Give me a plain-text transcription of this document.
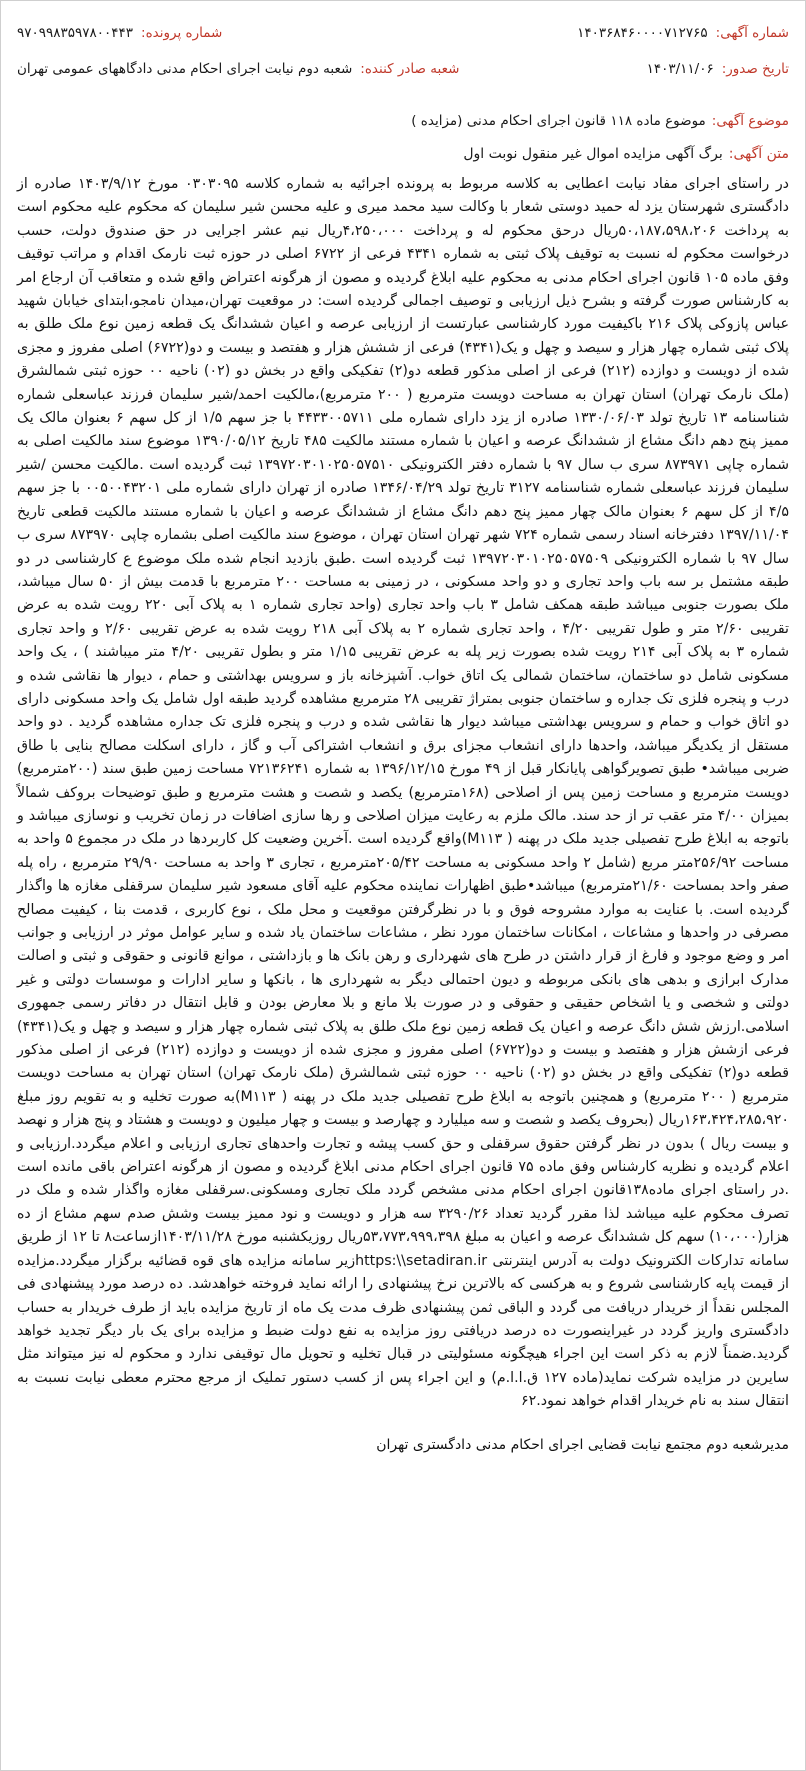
شماره آگهی:
۱۴۰۳۶۸۴۶۰۰۰۰۷۱۲۷۶۵
شماره پرونده:
۹۷۰۹۹۸۳۵۹۷۸۰۰۴۴۳
تاریخ صدور:
۱۴۰۳/۱۱/۰۶
شعبه صادر کننده:
شعبه دوم نیابت اجرای احکام مدنی دادگاههای عمومی تهران
موضوع آگهی:
موضوع ماده ۱۱۸ قانون اجرای احکام مدنی (مزایده )
متن آگهی:
برگ آگهی مزایده اموال غیر منقول نوبت اول
در راستای اجرای مفاد نیابت اعطایی به کلاسه مربوط به پرونده اجرائیه به شماره کلاسه ۰۳۰۳۰۹۵ مورخ ۱۴۰۳/۹/۱۲ صادره از دادگستری شهرستان یزد له حمید دوستی شعار با وکالت سید محمد میری و علیه محسن شیر سلیمان که محکوم علیه محکوم است به پرداخت ۵۰،۱۸۷،۵۹۸،۲۰۶ریال درحق محکوم له و پرداخت ۴،۲۵۰،۰۰۰ریال نیم عشر اجرایی در حق صندوق دولت، حسب درخواست محکوم له نسبت به توقیف پلاک ثبتی به شماره ۴۳۴۱ فرعی از ۶۷۲۲ اصلی در حوزه ثبت نارمک اقدام و مراتب توقیف وفق ماده ۱۰۵ قانون اجرای احکام مدنی به محکوم علیه ابلاغ گردیده و مصون از هرگونه اعتراض واقع شده و متعاقب آن ارجاع امر به کارشناس صورت گرفته و بشرح ذیل ارزیابی و توصیف اجمالی گردیده است: در موقعیت تهران،میدان نامجو،ابتدای خیابان شهید عباس پازوکی پلاک ۲۱۶ باکیفیت مورد کارشناسی عبارتست از ارزیابی عرصه و اعیان ششدانگ یک قطعه زمین نوع ملک طلق به پلاک ثبتی شماره چهار هزار و سیصد و چهل و یک(۴۳۴۱) فرعی از ششش هزار و هفتصد و بیست و دو(۶۷۲۲) اصلی مفروز و مجزی شده از دویست و دوازده (۲۱۲) فرعی از اصلی مذکور قطعه دو(۲) تفکیکی واقع در بخش دو (۰۲) ناحیه ۰۰ حوزه ثبتی شمالشرق (ملک نارمک تهران) استان تهران به مساحت دویست مترمربع ( ۲۰۰ مترمربع)،مالکیت احمد/شیر سلیمان فرزند عباسعلی شماره شناسنامه ۱۳ تاریخ تولد ۱۳۳۰/۰۶/۰۳ صادره از یزد دارای شماره ملی ۴۴۳۳۰۰۵۷۱۱ با جز سهم ۱/۵ از کل سهم ۶ بعنوان مالک یک ممیز پنج دهم دانگ مشاع از ششدانگ عرصه و اعیان با شماره مستند مالکیت ۴۸۵ تاریخ ۱۳۹۰/۰۵/۱۲ موضوع سند مالکیت اصلی به شماره چاپی ۸۷۳۹۷۱ سری ب سال ۹۷ با شماره دفتر الکترونیکی ۱۳۹۷۲۰۳۰۱۰۲۵۰۵۷۵۱۰ ثبت گردیده است .مالکیت محسن /شیر سلیمان فرزند عباسعلی شماره شناسنامه ۳۱۲۷ تاریخ تولد ۱۳۴۶/۰۴/۲۹ صادره از تهران دارای شماره ملی ۰۰۵۰۰۴۳۲۰۱ با جز سهم ۴/۵ از کل سهم ۶ بعنوان مالک چهار ممیز پنج دهم دانگ مشاع از ششدانگ عرصه و اعیان با شماره مستند مالکیت قطعی تاریخ ۱۳۹۷/۱۱/۰۴ دفترخانه اسناد رسمی شماره ۷۲۴ شهر تهران استان تهران ، موضوع سند مالکیت اصلی بشماره چاپی ۸۷۳۹۷۰ سری ب سال ۹۷ با شماره الکترونیکی ۱۳۹۷۲۰۳۰۱۰۲۵۰۵۷۵۰۹ ثبت گردیده است .طبق بازدید انجام شده ملک موضوع ع کارشناسی در دو طبقه مشتمل بر سه باب واحد تجاری و دو واحد مسکونی ، در زمینی به مساحت ۲۰۰ مترمربع با قدمت بیش از ۵۰ سال میباشد، ملک بصورت جنوبی میباشد طبقه همکف شامل ۳ باب واحد تجاری (واحد تجاری شماره ۱ به پلاک آبی ۲۲۰ رویت شده به عرض تقریبی ۲/۶۰ متر و طول تقریبی ۴/۲۰ ، واحد تجاری شماره ۲ به پلاک آبی ۲۱۸ رویت شده به عرض تقریبی ۲/۶۰ و واحد تجاری شماره ۳ به پلاک آبی ۲۱۴ رویت شده بصورت زیر پله به عرض تقریبی ۱/۱۵ متر و بطول تقریبی ۴/۲۰ متر میباشند ) ، یک واحد مسکونی شامل دو ساختمان، ساختمان شمالی یک اتاق خواب. آشپزخانه باز و سرویس بهداشتی و حمام ، دیوار ها نقاشی شده و درب و پنجره فلزی تک جداره و ساختمان جنوبی بمتراژ تقریبی ۲۸ مترمربع مشاهده گردید طبقه اول شامل یک واحد مسکونی دارای دو اتاق خواب و حمام و سرویس بهداشتی میباشد دیوار ها نقاشی شده و درب و پنجره فلزی تک جداره مشاهده گردید . دو واحد مستقل از یکدیگر میباشد، واحدها دارای انشعاب مجزای برق و انشعاب اشتراکی آب و گاز ، دارای اسکلت مصالح بنایی با طاق ضربی میباشد• طبق تصویرگواهی پایانکار قبل از ۴۹ مورخ ۱۳۹۶/۱۲/۱۵ به شماره ۷۲۱۳۶۲۴۱ مساحت زمین طبق سند (۲۰۰مترمربع) دویست مترمربع و مساحت زمین پس از اصلاحی (۱۶۸مترمربع) یکصد و شصت و هشت مترمربع و طبق توضیحات بروکف شمالاً بمیزان ۴/۰۰ متر عقب تر از حد سند. مالک ملزم به رعایت میزان اصلاحی و رها سازی اضافات در زمان تخریب و نوسازی میباشد و باتوجه به ابلاغ طرح تفصیلی جدید ملک در پهنه ( M۱۱۳)واقع گردیده است .آخرین وضعیت کل کاربردها در ملک در مجموع ۵ واحد به مساحت ۲۵۶/۹۲متر مربع (شامل ۲ واحد مسکونی به مساحت ۲۰۵/۴۲مترمربع ، تجاری ۳ واحد به مساحت ۲۹/۹۰ مترمربع ، راه پله صفر واحد بمساحت ۲۱/۶۰مترمربع) میباشد•طبق اظهارات نماینده محکوم علیه آقای مسعود شیر سلیمان سرقفلی مغازه ها واگذار گردیده است. با عنایت به موارد مشروحه فوق و با در نظرگرفتن موقعیت و محل ملک ، نوع کاربری ، قدمت بنا ، کیفیت مصالح مصرفی در واحدها و مشاعات ، امکانات ساختمان مورد نظر ، مشاعات ساختمان یاد شده و سایر عوامل موثر در ارزیابی و جوانب امر و وضع موجود و فارغ از قرار داشتن در طرح های شهرداری و رهن بانک ها و بازداشتی ، موانع قانونی و حقوقی و ثبتی و اصالت مدارک ابرازی و بدهی های بانکی مربوطه و دیون احتمالی دیگر به شهرداری ها ، بانکها و سایر ادارات و موسسات دولتی و غیر دولتی و شخصی و یا اشخاص حقیقی و حقوقی و در صورت بلا مانع و بلا معارض بودن و قابل انتقال در دفاتر رسمی جمهوری اسلامی.ارزش شش دانگ عرصه و اعیان یک قطعه زمین نوع ملک طلق به پلاک ثبتی شماره چهار هزار و سیصد و چهل و یک(۴۳۴۱) فرعی ازشش هزار و هفتصد و بیست و دو(۶۷۲۲) اصلی مفروز و مجزی شده از دویست و دوازده (۲۱۲) فرعی از اصلی مذکور قطعه دو(۲) تفکیکی واقع در بخش دو (۰۲) ناحیه ۰۰ حوزه ثبتی شمالشرق (ملک نارمک تهران) استان تهران به مساحت دویست مترمربع ( ۲۰۰ مترمربع) و همچنین باتوجه به ابلاغ طرح تفصیلی جدید ملک در پهنه ( M۱۱۳)به صورت تخلیه و به تقویم روز مبلغ ۱۶۳،۴۲۴،۲۸۵،۹۲۰ریال (بحروف یکصد و شصت و سه میلیارد و چهارصد و بیست و چهار میلیون و دویست و هشتاد و پنج هزار و نهصد و بیست ریال ) بدون در نظر گرفتن حقوق سرقفلی و حق کسب پیشه و تجارت واحدهای تجاری ارزیابی و اعلام میگردد.ارزیابی و اعلام گردیده و نظریه کارشناس وفق ماده ۷۵ قانون اجرای احکام مدنی ابلاغ گردیده و مصون از هرگونه اعتراض باقی مانده است .در راستای اجرای ماده۱۳۸قانون اجرای احکام مدنی مشخص گردد ملک تجاری ومسکونی.سرقفلی مغازه واگذار شده و ملک در تصرف محکوم علیه میباشد لذا مقرر گردید تعداد ۳۲۹۰/۲۶ سه هزار و دویست و نود ممیز بیست وشش صدم سهم مشاع از ده هزار(۱۰،۰۰۰) سهم کل ششدانگ عرصه و اعیان به مبلغ ۵۳،۷۷۳،۹۹۹،۳۹۸ریال روزیکشنبه مورخ ۱۴۰۳/۱۱/۲۸ازساعت۸ تا ۱۲ از طریق سامانه تدارکات الکترونیک دولت به آدرس اینترنتی https:\\setadiran.irزیر سامانه مزایده های قوه قضائیه برگزار میگردد.مزایده از قیمت پایه کارشناسی شروع و به هرکسی که بالاترین نرخ پیشنهادی را ارائه نماید فروخته خواهدشد. ده درصد مورد پیشنهادی فی المجلس نقداً از خریدار دریافت می گردد و الباقی ثمن پیشنهادی ظرف مدت یک ماه از تاریخ مزایده باید از طرف خریدار به حساب دادگستری واریز گردد در غیراینصورت ده درصد دریافتی روز مزایده به نفع دولت ضبط و مزایده برای یک بار دیگر تجدید خواهد گردید.ضمناً لازم به ذکر است این اجراء هیچگونه مسئولیتی در قبال تخلیه و تحویل مال توقیفی ندارد و محکوم له نیز میتواند مثل سایرین در مزایده شرکت نماید(ماده ۱۲۷ ق.ا.ا.م) و این اجراء پس از کسب دستور تملیک از مرجع محترم معطی نیابت نسبت به انتقال سند به نام خریدار اقدام خواهد نمود.۶۲
مدیرشعبه دوم مجتمع نیابت قضایی اجرای احکام مدنی دادگستری تهران
